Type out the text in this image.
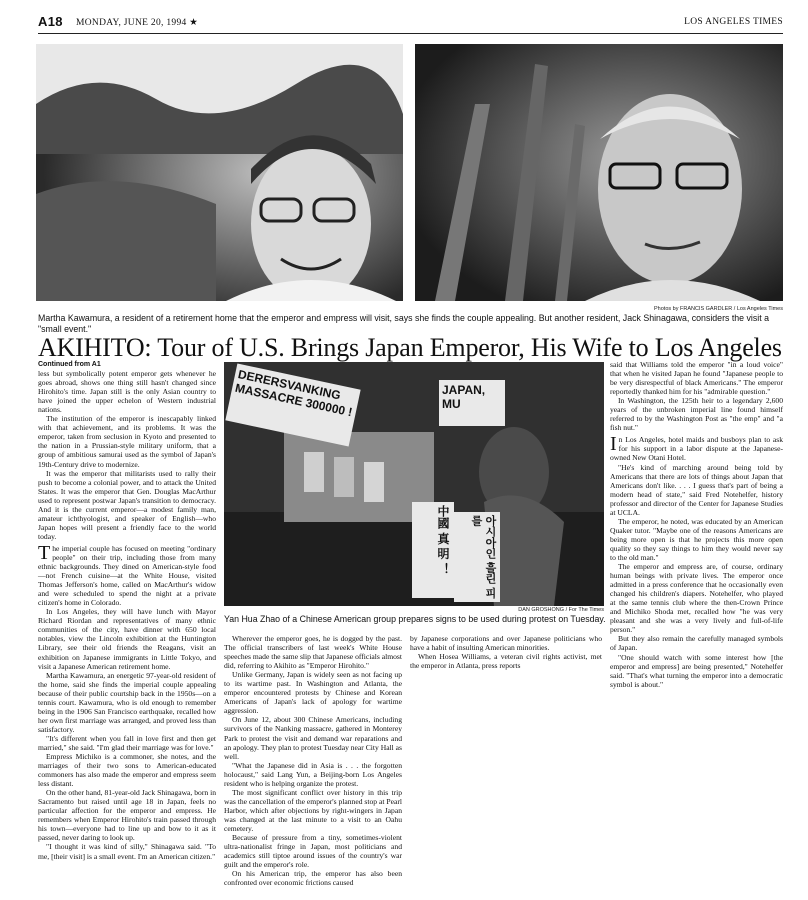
A18 MONDAY, JUNE 20, 1994 ★	LOS ANGELES TIMES
Photos by FRANCIS GARDLER / Los Angeles Times
Martha Kawamura, a resident of a retirement home that the emperor and empress will visit, says she finds the couple appealing. But another resident, Jack Shinagawa, considers the visit a "small event."
AKIHITO: Tour of U.S. Brings Japan Emperor, His Wife to Los Angeles

Continued from A1

less but symbolically potent emperor gets whenever he goes abroad, shows one thing still hasn't changed since Hirohito's time. Japan still is the only Asian country to have joined the upper echelon of Western industrial nations.

The institution of the emperor is inescapably linked with that achievement, and its problems. It was the emperor, taken from seclusion in Kyoto and presented to the nation in a Prussian-style military uniform, that a group of ambitious samurai used as the symbol of Japan's 19th-Century drive to modernize.

It was the emperor that militarists used to rally their push to become a colonial power, and to attack the United States. It was the emperor that Gen. Douglas MacArthur used to represent postwar Japan's transition to democracy. And it is the current emperor—a modest family man, amateur ichthyologist, and speaker of English—who Japan hopes will present a friendly face to the world today.

The imperial couple has focused on meeting "ordinary people" on their trip, including those from many ethnic backgrounds. They dined on American-style food—not French cuisine—at the White House, visited Thomas Jefferson's home, called on MacArthur's widow and were scheduled to spend the night at a private citizen's home in Colorado.

In Los Angeles, they will have lunch with Mayor Richard Riordan and representatives of many ethnic communities of the city, have dinner with 650 local notables, view the Lincoln exhibition at the Huntington Library, see their old friends the Reagans, visit an exhibition on Japanese immigrants in Little Tokyo, and visit a Japanese American retirement home.

Martha Kawamura, an energetic 97-year-old resident of the home, said she finds the imperial couple appealing because of their public courtship back in the 1950s—on a tennis court. Kawamura, who is old enough to remember being in the 1906 San Francisco earthquake, recalled how her own first marriage was arranged, and proved less than satisfactory.

"It's different when you fall in love first and then get married," she said. "I'm glad their marriage was for love."

Empress Michiko is a commoner, she notes, and the marriages of their two sons to American-educated commoners has also made the emperor and empress seem less distant.

On the other hand, 81-year-old Jack Shinagawa, born in Sacramento but raised until age 18 in Japan, feels no particular affection for the emperor and empress. He remembers when Emperor Hirohito's train passed through his town—everyone had to line up and bow to it as it passed, never daring to look up.

"I thought it was kind of silly," Shinagawa said. "To me, [their visit] is a small event. I'm an American citizen."

DERERSVANKING MASSACRE 300000 !	JAPAN, MU
中國 真 明 ！	아시아인 흘린 피를
DAN GROSHONG / For The Times
Yan Hua Zhao of a Chinese American group prepares signs to be used during protest on Tuesday.

Wherever the emperor goes, he is dogged by the past. The official transcribers of last week's White House speeches made the same slip that Japanese officials almost did, referring to Akihito as "Emperor Hirohito."

Unlike Germany, Japan is widely seen as not facing up to its wartime past. In Washington and Atlanta, the emperor encountered protests by Chinese and Korean Americans of Japan's lack of apology for wartime aggression.

On June 12, about 300 Chinese Americans, including survivors of the Nanking massacre, gathered in Monterey Park to protest the visit and demand war reparations and an apology. They plan to protest Tuesday near City Hall as well.

"What the Japanese did in Asia is . . . the forgotten holocaust," said Lang Yun, a Beijing-born Los Angeles resident who is helping organize the protest.

The most significant conflict over history in this trip was the cancellation of the emperor's planned stop at Pearl Harbor, which after objections by right-wingers in Japan was changed at the last minute to a visit to an Oahu cemetery.

Because of pressure from a tiny, sometimes-violent ultra-nationalist fringe in Japan, most politicians and academics still tiptoe around issues of the country's war guilt and the emperor's role.

On his American trip, the emperor has also been confronted over economic frictions caused

by Japanese corporations and over Japanese politicians who have a habit of insulting American minorities.

When Hosea Williams, a veteran civil rights activist, met the emperor in Atlanta, press reports

said that Williams told the emperor "in a loud voice" that when he visited Japan he found "Japanese people to be very disrespectful of black Americans." The emperor reportedly thanked him for his "admirable question."

In Washington, the 125th heir to a legendary 2,600 years of the unbroken imperial line found himself referred to by the Washington Post as "the emp" and "a fish nut."

In Los Angeles, hotel maids and busboys plan to ask for his support in a labor dispute at the Japanese-owned New Otani Hotel.

"He's kind of marching around being told by Americans that there are lots of things about Japan that Americans don't like. . . . I guess that's part of being a modern head of state," said Fred Notehelfer, history professor and director of the Center for Japanese Studies at UCLA.

The emperor, he noted, was educated by an American Quaker tutor. "Maybe one of the reasons Americans are being more open is that he projects this more open quality so they say things to him they would never say to the old man."

The emperor and empress are, of course, ordinary human beings with private lives. The emperor once admitted in a press conference that he occasionally even changed his children's diapers. Notehelfer, who played at the same tennis club where the then-Crown Prince and Michiko Shoda met, recalled how "he was very pleasant and she was a very lively and full-of-life person."

But they also remain the carefully managed symbols of Japan.

"One should watch with some interest how [the emperor and empress] are being presented," Notehelfer said. "That's what turning the emperor into a democratic symbol is about."
